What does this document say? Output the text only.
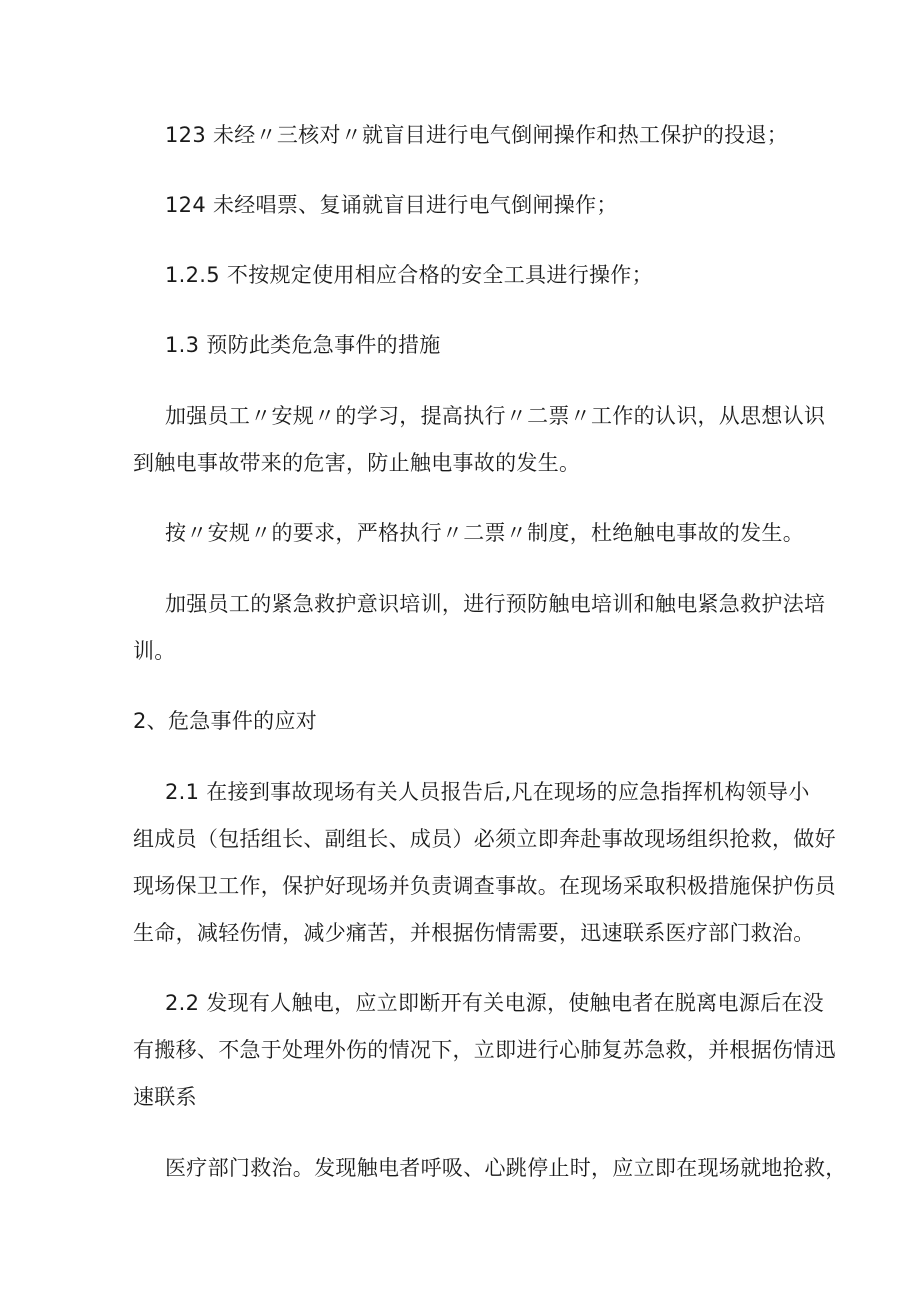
123 未经〃三核对〃就盲目进行电气倒闸操作和热工保护的投退；
124 未经唱票、复诵就盲目进行电气倒闸操作；
1.2.5 不按规定使用相应合格的安全工具进行操作；
1.3 预防此类危急事件的措施
加强员工〃安规〃的学习，提高执行〃二票〃工作的认识，从思想认识
到触电事故带来的危害，防止触电事故的发生。
按〃安规〃的要求，严格执行〃二票〃制度，杜绝触电事故的发生。
加强员工的紧急救护意识培训，进行预防触电培训和触电紧急救护法培
训。
2、危急事件的应对
2.1 在接到事故现场有关人员报告后,凡在现场的应急指挥机构领导小
组成员（包括组长、副组长、成员）必须立即奔赴事故现场组织抢救，做好
现场保卫工作，保护好现场并负责调查事故。在现场采取积极措施保护伤员
生命，减轻伤情，减少痛苦，并根据伤情需要，迅速联系医疗部门救治。
2.2 发现有人触电，应立即断开有关电源，使触电者在脱离电源后在没
有搬移、不急于处理外伤的情况下，立即进行心肺复苏急救，并根据伤情迅
速联系
医疗部门救治。发现触电者呼吸、心跳停止时，应立即在现场就地抢救，
